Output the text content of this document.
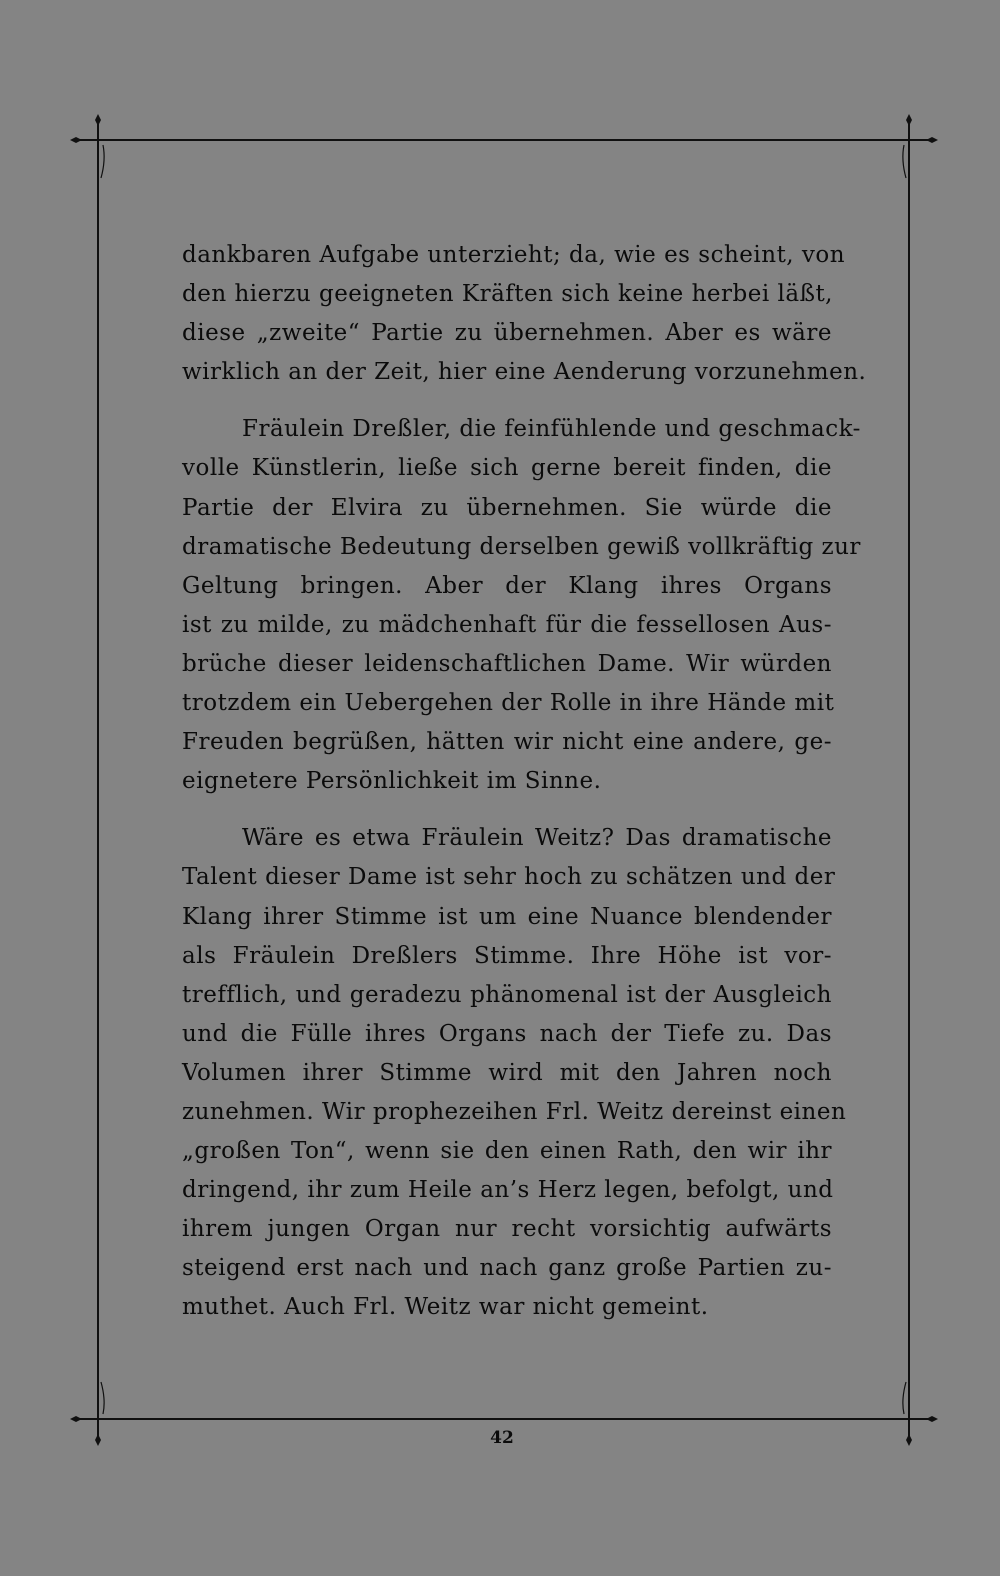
dankbaren Aufgabe unterzieht; da, wie es scheint, von
den hierzu geeigneten Kräften sich keine herbei läßt,
diese „zweite“ Partie zu übernehmen. Aber es wäre
wirklich an der Zeit, hier eine Aenderung vorzunehmen.
Fräulein Dreßler, die feinfühlende und geschmack-
volle Künstlerin, ließe sich gerne bereit finden, die
Partie der Elvira zu übernehmen. Sie würde die
dramatische Bedeutung derselben gewiß vollkräftig zur
Geltung bringen. Aber der Klang ihres Organs
ist zu milde, zu mädchenhaft für die fessellosen Aus-
brüche dieser leidenschaftlichen Dame. Wir würden
trotzdem ein Uebergehen der Rolle in ihre Hände mit
Freuden begrüßen, hätten wir nicht eine andere, ge-
eignetere Persönlichkeit im Sinne.
Wäre es etwa Fräulein Weitz? Das dramatische
Talent dieser Dame ist sehr hoch zu schätzen und der
Klang ihrer Stimme ist um eine Nuance blendender
als Fräulein Dreßlers Stimme. Ihre Höhe ist vor-
trefflich, und geradezu phänomenal ist der Ausgleich
und die Fülle ihres Organs nach der Tiefe zu. Das
Volumen ihrer Stimme wird mit den Jahren noch
zunehmen. Wir prophezeihen Frl. Weitz dereinst einen
„großen Ton“, wenn sie den einen Rath, den wir ihr
dringend, ihr zum Heile an’s Herz legen, befolgt, und
ihrem jungen Organ nur recht vorsichtig aufwärts
steigend erst nach und nach ganz große Partien zu-
muthet. Auch Frl. Weitz war nicht gemeint.
42
